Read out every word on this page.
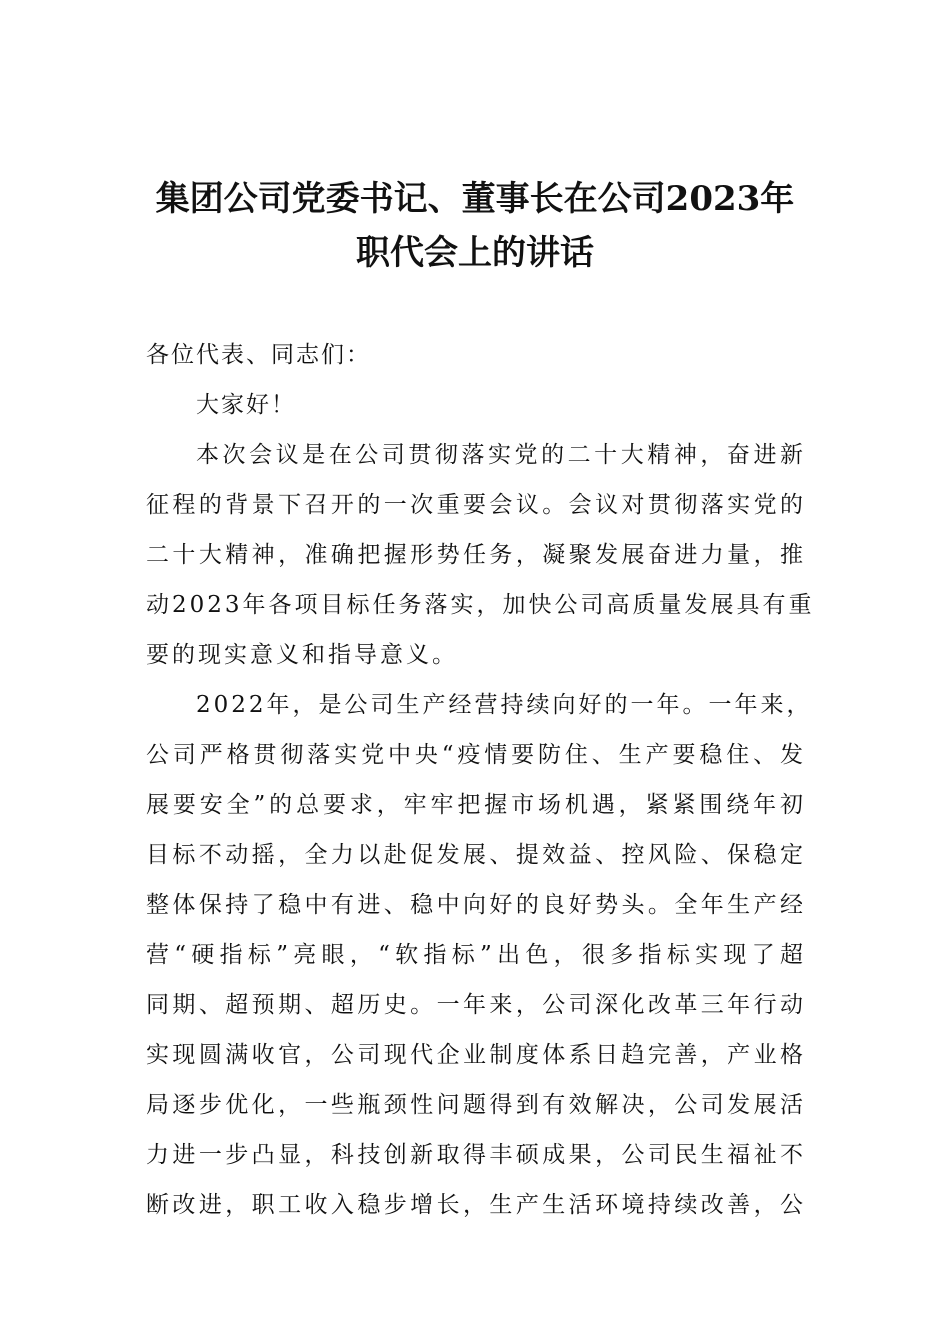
集团公司党委书记、董事长在公司2023年
职代会上的讲话
各位代表、同志们：
大家好！
本次会议是在公司贯彻落实党的二十大精神，奋进新
征程的背景下召开的一次重要会议。会议对贯彻落实党的
二十大精神，准确把握形势任务，凝聚发展奋进力量，推
动2023年各项目标任务落实，加快公司高质量发展具有重
要的现实意义和指导意义。
2022年，是公司生产经营持续向好的一年。一年来，
公司严格贯彻落实党中央“疫情要防住、生产要稳住、发
展要安全”的总要求，牢牢把握市场机遇，紧紧围绕年初
目标不动摇，全力以赴促发展、提效益、控风险、保稳定
整体保持了稳中有进、稳中向好的良好势头。全年生产经
营“硬指标”亮眼，“软指标”出色，很多指标实现了超
同期、超预期、超历史。一年来，公司深化改革三年行动
实现圆满收官，公司现代企业制度体系日趋完善，产业格
局逐步优化，一些瓶颈性问题得到有效解决，公司发展活
力进一步凸显，科技创新取得丰硕成果，公司民生福祉不
断改进，职工收入稳步增长，生产生活环境持续改善，公
